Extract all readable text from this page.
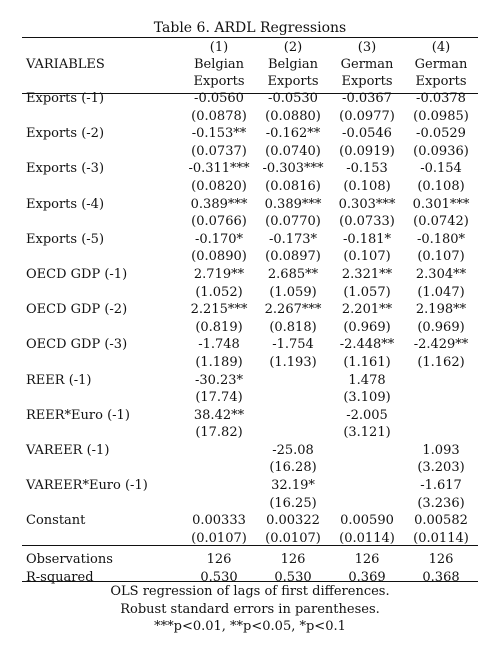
Table 6. ARDL Regressions
VARIABLES	(1)	(2)	(3)	(4)
	Belgian	Belgian	German	German
	Exports	Exports	Exports	Exports
Exports (-1)	-0.0560	-0.0530	-0.0367	-0.0378
	(0.0878)	(0.0880)	(0.0977)	(0.0985)
Exports (-2)	-0.153**	-0.162**	-0.0546	-0.0529
	(0.0737)	(0.0740)	(0.0919)	(0.0936)
Exports (-3)	-0.311***	-0.303***	-0.153	-0.154
	(0.0820)	(0.0816)	(0.108)	(0.108)
Exports (-4)	0.389***	0.389***	0.303***	0.301***
	(0.0766)	(0.0770)	(0.0733)	(0.0742)
Exports (-5)	-0.170*	-0.173*	-0.181*	-0.180*
	(0.0890)	(0.0897)	(0.107)	(0.107)
OECD GDP (-1)	2.719**	2.685**	2.321**	2.304**
	(1.052)	(1.059)	(1.057)	(1.047)
OECD GDP (-2)	2.215***	2.267***	2.201**	2.198**
	(0.819)	(0.818)	(0.969)	(0.969)
OECD GDP (-3)	-1.748	-1.754	-2.448**	-2.429**
	(1.189)	(1.193)	(1.161)	(1.162)
REER (-1)	-30.23*		1.478	
	(17.74)		(3.109)	
REER*Euro (-1)	38.42**		-2.005	
	(17.82)		(3.121)	
VAREER (-1)		-25.08		1.093
		(16.28)		(3.203)
VAREER*Euro (-1)		32.19*		-1.617
		(16.25)		(3.236)
Constant	0.00333	0.00322	0.00590	0.00582
	(0.0107)	(0.0107)	(0.0114)	(0.0114)

Observations	126	126	126	126
R-squared	0.530	0.530	0.369	0.368
OLS regression of lags of first differences.
Robust standard errors in parentheses.
***p<0.01, **p<0.05, *p<0.1
